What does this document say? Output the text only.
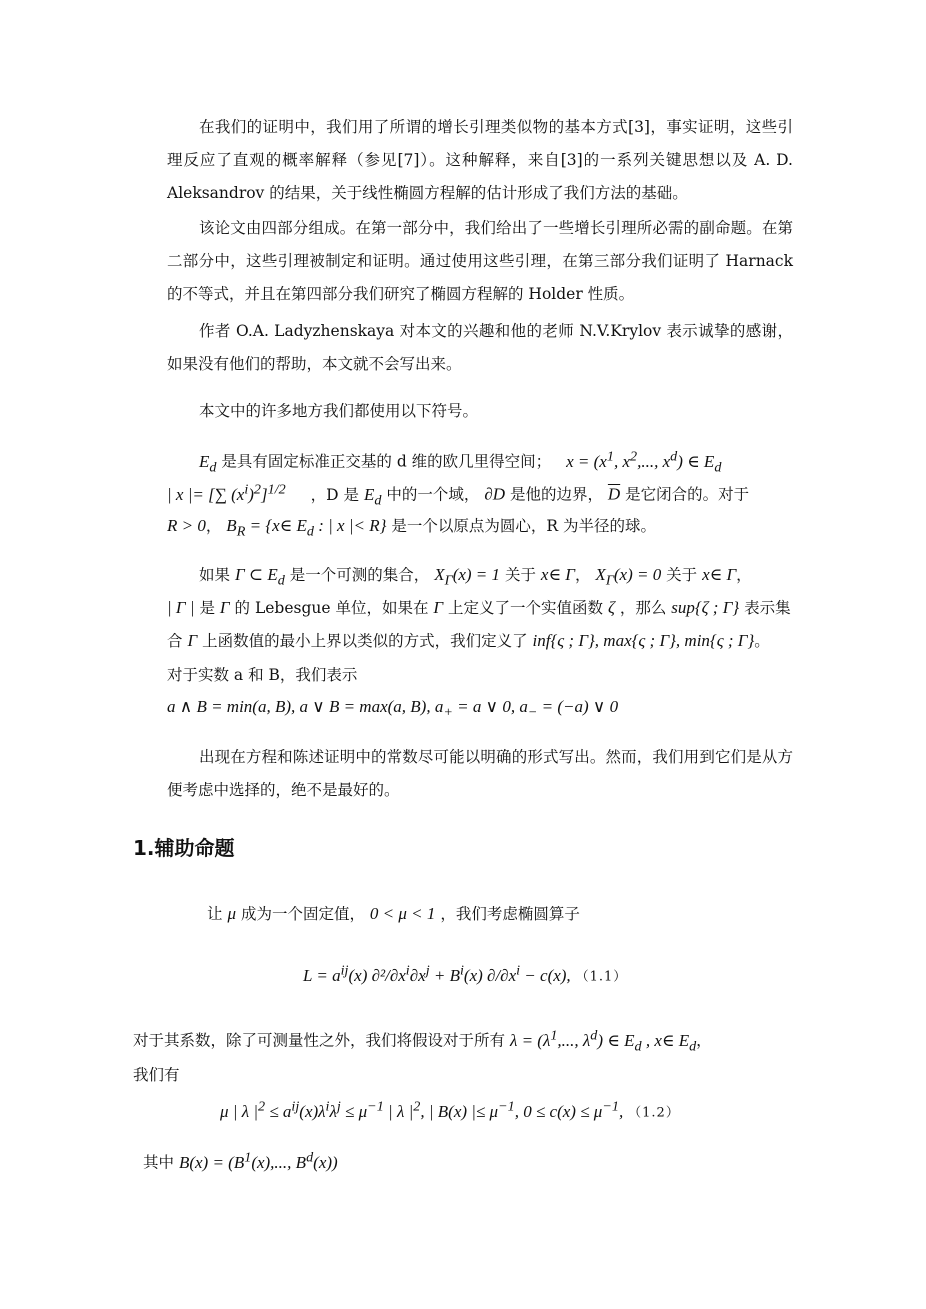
在我们的证明中，我们用了所谓的增长引理类似物的基本方式[3]，事实证明，这些引理反应了直观的概率解释（参见[7]）。这种解释，来自[3]的一系列关键思想以及 A. D. Aleksandrov 的结果，关于线性椭圆方程解的估计形成了我们方法的基础。

该论文由四部分组成。在第一部分中，我们给出了一些增长引理所必需的副命题。在第二部分中，这些引理被制定和证明。通过使用这些引理，在第三部分我们证明了 Harnack 的不等式，并且在第四部分我们研究了椭圆方程解的 Holder 性质。

作者 O.A. Ladyzhenskaya 对本文的兴趣和他的老师 N.V.Krylov 表示诚挚的感谢，如果没有他们的帮助，本文就不会写出来。

本文中的许多地方我们都使用以下符号。

$E_d$ 是具有固定标准正交基的 d 维的欧几里得空间； $x = (x^1$, $x^2$,..., $x^d$) ∈ $E_d$
| x |= [∑ $(x^i)^2]^{1/2}$ ，D 是 $E_d$ 中的一个域， ∂D 是他的边界， $\overline{D}$ 是它闭合的。对于
R > 0， $B_R$ = {x∈ $E_d$ : | x |< R} 是一个以原点为圆心，R 为半径的球。
如果 Γ ⊂ $E_d$ 是一个可测的集合， $X_\Gamma(x) = 1$ 关于 x∈ Γ， $X_\Gamma(x) = 0$ 关于 x∈ Γ，
| Γ | 是 Γ 的 Lebesgue 单位，如果在 Γ 上定义了一个实值函数 ζ ，那么 sup{ζ ; Γ} 表示集
合 Γ 上函数值的最小上界以类似的方式，我们定义了 inf{ς ; Γ}, max{ς ; Γ}, min{ς ; Γ}。
对于实数 a 和 B，我们表示
a ∧ B = min(a, B), a ∨ B = max(a, B), $a_+ = a$ ∨ 0, $a_- = (-a)$ ∨ 0

出现在方程和陈述证明中的常数尽可能以明确的形式写出。然而，我们用到它们是从方便考虑中选择的，绝不是最好的。

1.辅助命题
让 μ 成为一个固定值， 0 < μ < 1 ，我们考虑椭圆算子
$L = a^{ij}(x) \partial^2/\partial x^i\partial x^j + B^i(x) \partial/\partial x^i - c(x)$, （1.1）
对于其系数，除了可测量性之外，我们将假设对于所有 $\lambda = (\lambda^1$,..., $\lambda^d$) ∈ $E_d$ , x∈ $E_d$，
我们有
μ | λ $|^2 \le a^{ij}(x)\lambda^i\lambda^j \le \mu^{-1}$ | λ $|^2$, | B(x) |≤ $\mu^{-1}$, $0 \le c(x) \le \mu^{-1}$, （1.2）
其中 $B(x) = (B^1(x)$,..., $B^d(x)$)
